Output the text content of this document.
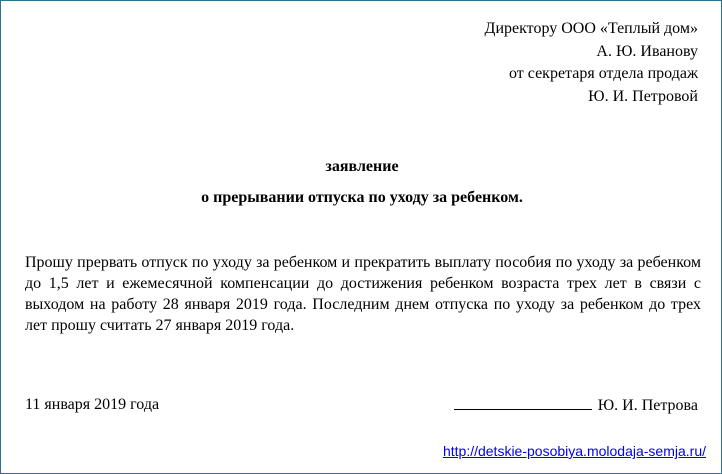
Директору ООО «Теплый дом»
А. Ю. Иванову
от секретаря отдела продаж
Ю. И. Петровой
заявление
о прерывании отпуска по уходу за ребенком.
Прошу прервать отпуск по уходу за ребенком и прекратить выплату пособия по уходу за ребенком до 1,5 лет и ежемесячной компенсации до достижения ребенком возраста трех лет в связи с выходом на работу 28 января 2019 года. Последним днем отпуска по уходу за ребенком до трех лет прошу считать 27 января 2019 года.
11 января 2019 года	Ю. И. Петрова
http://detskie-posobiya.molodaja-semja.ru/
